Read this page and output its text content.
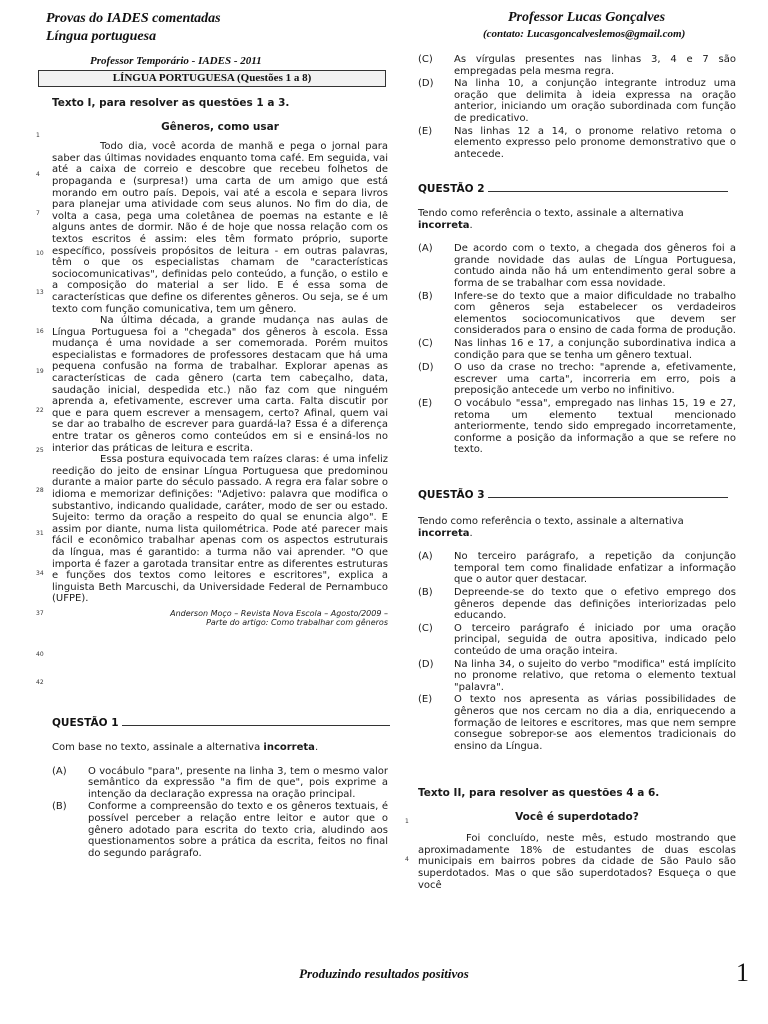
Provas do IADES comentadas
Língua portuguesa
Professor Lucas Gonçalves
(contato: Lucasgoncalveslemos@gmail.com)
Professor Temporário - IADES - 2011
LÍNGUA PORTUGUESA (Questões 1 a 8)
1
4
7
10
13
16
19
22
25
28
31
34
37
40
42
Texto I, para resolver as questões 1 a 3.
Gêneros, como usar
Todo dia, você acorda de manhã e pega o jornal para saber das últimas novidades enquanto toma café. Em seguida, vai até a caixa de correio e descobre que recebeu folhetos de propaganda e (surpresa!) uma carta de um amigo que está morando em outro país. Depois, vai até a escola e separa livros para planejar uma atividade com seus alunos. No fim do dia, de volta a casa, pega uma coletânea de poemas na estante e lê alguns antes de dormir. Não é de hoje que nossa relação com os textos escritos é assim: eles têm formato próprio, suporte específico, possíveis propósitos de leitura - em outras palavras, têm o que os especialistas chamam de "características sociocomunicativas", definidas pelo conteúdo, a função, o estilo e a composição do material a ser lido. E é essa soma de características que define os diferentes gêneros. Ou seja, se é um texto com função comunicativa, tem um gênero.
Na última década, a grande mudança nas aulas de Língua Portuguesa foi a "chegada" dos gêneros à escola. Essa mudança é uma novidade a ser comemorada. Porém muitos especialistas e formadores de professores destacam que há uma pequena confusão na forma de trabalhar. Explorar apenas as características de cada gênero (carta tem cabeçalho, data, saudação inicial, despedida etc.) não faz com que ninguém aprenda a, efetivamente, escrever uma carta. Falta discutir por que e para quem escrever a mensagem, certo? Afinal, quem vai se dar ao trabalho de escrever para guardá-la? Essa é a diferença entre tratar os gêneros como conteúdos em si e ensiná-los no interior das práticas de leitura e escrita.
Essa postura equivocada tem raízes claras: é uma infeliz reedição do jeito de ensinar Língua Portuguesa que predominou durante a maior parte do século passado. A regra era falar sobre o idioma e memorizar definições: "Adjetivo: palavra que modifica o substantivo, indicando qualidade, caráter, modo de ser ou estado. Sujeito: termo da oração a respeito do qual se enuncia algo". E assim por diante, numa lista quilométrica. Pode até parecer mais fácil e econômico trabalhar apenas com os aspectos estruturais da língua, mas é garantido: a turma não vai aprender. "O que importa é fazer a garotada transitar entre as diferentes estruturas e funções dos textos como leitores e escritores", explica a linguista Beth Marcuschi, da Universidade Federal de Pernambuco (UFPE).
Anderson Moço – Revista Nova Escola – Agosto/2009 –
Parte do artigo: Como trabalhar com gêneros
QUESTÃO 1
Com base no texto, assinale a alternativa incorreta.
(A)	O vocábulo "para", presente na linha 3, tem o mesmo valor semântico da expressão "a fim de que", pois exprime a intenção da declaração expressa na oração principal.
(B)	Conforme a compreensão do texto e os gêneros textuais, é possível perceber a relação entre leitor e autor que o gênero adotado para escrita do texto cria, aludindo aos questionamentos sobre a prática da escrita, feitos no final do segundo parágrafo.
(C)	As vírgulas presentes nas linhas 3, 4 e 7 são empregadas pela mesma regra.
(D)	Na linha 10, a conjunção integrante introduz uma oração que delimita à ideia expressa na oração anterior, iniciando um oração subordinada com função de predicativo.
(E)	Nas linhas 12 a 14, o pronome relativo retoma o elemento expresso pelo pronome demonstrativo que o antecede.
QUESTÃO 2
Tendo como referência o texto, assinale a alternativa incorreta.
(A)	De acordo com o texto, a chegada dos gêneros foi a grande novidade das aulas de Língua Portuguesa, contudo ainda não há um entendimento geral sobre a forma de se trabalhar com essa novidade.
(B)	Infere-se do texto que a maior dificuldade no trabalho com gêneros seja estabelecer os verdadeiros elementos sociocomunicativos que devem ser considerados para o ensino de cada forma de produção.
(C)	Nas linhas 16 e 17, a conjunção subordinativa indica a condição para que se tenha um gênero textual.
(D)	O uso da crase no trecho: "aprende a, efetivamente, escrever uma carta", incorreria em erro, pois a preposição antecede um verbo no infinitivo.
(E)	O vocábulo "essa", empregado nas linhas 15, 19 e 27, retoma um elemento textual mencionado anteriormente, tendo sido empregado incorretamente, conforme a posição da informação a que se refere no texto.
QUESTÃO 3
Tendo como referência o texto, assinale a alternativa incorreta.
(A)	No terceiro parágrafo, a repetição da conjunção temporal tem como finalidade enfatizar a informação que o autor quer destacar.
(B)	Depreende-se do texto que o efetivo emprego dos gêneros depende das definições interiorizadas pelo educando.
(C)	O terceiro parágrafo é iniciado por uma oração principal, seguida de outra apositiva, indicado pelo conteúdo de uma oração inteira.
(D)	Na linha 34, o sujeito do verbo "modifica" está implícito no pronome relativo, que retoma o elemento textual "palavra".
(E)	O texto nos apresenta as várias possibilidades de gêneros que nos cercam no dia a dia, enriquecendo a formação de leitores e escritores, mas que nem sempre consegue sobrepor-se aos elementos tradicionais do ensino da Língua.
Texto II, para resolver as questões 4 a 6.
Você é superdotado?
Foi concluído, neste mês, estudo mostrando que aproximadamente 18% de estudantes de duas escolas municipais em bairros pobres da cidade de São Paulo são superdotados. Mas o que são superdotados? Esqueça o que você
1
4
Produzindo resultados positivos	1
